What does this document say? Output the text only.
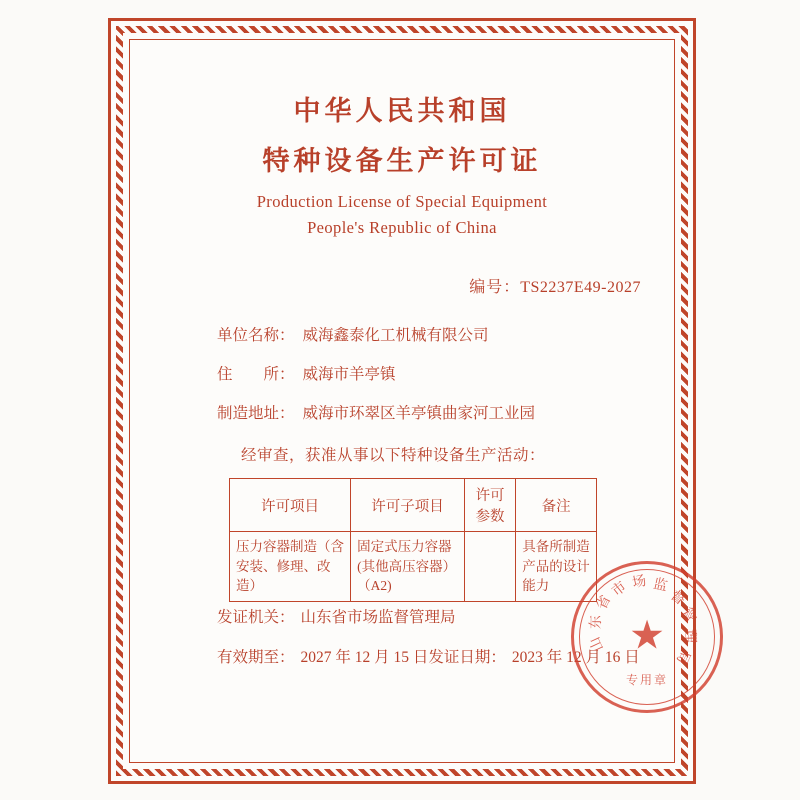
中华人民共和国
特种设备生产许可证
Production License of Special Equipment
People's Republic of China
编号：TS2237E49-2027
单位名称： 威海鑫泰化工机械有限公司
住　　所： 威海市羊亭镇
制造地址： 威海市环翠区羊亭镇曲家河工业园
经审查，获准从事以下特种设备生产活动：
许可项目	许可子项目	许可参数	备注
压力容器制造（含安装、修理、改造）	固定式压力容器(其他高压容器）（A2)		具备所制造产品的设计能力
发证机关： 山东省市场监督管理局
有效期至： 2027 年 12 月 15 日 发证日期： 2023 年 12 月 16 日
★
山
东
省
市 场 监
督
管
理
局
专用章
